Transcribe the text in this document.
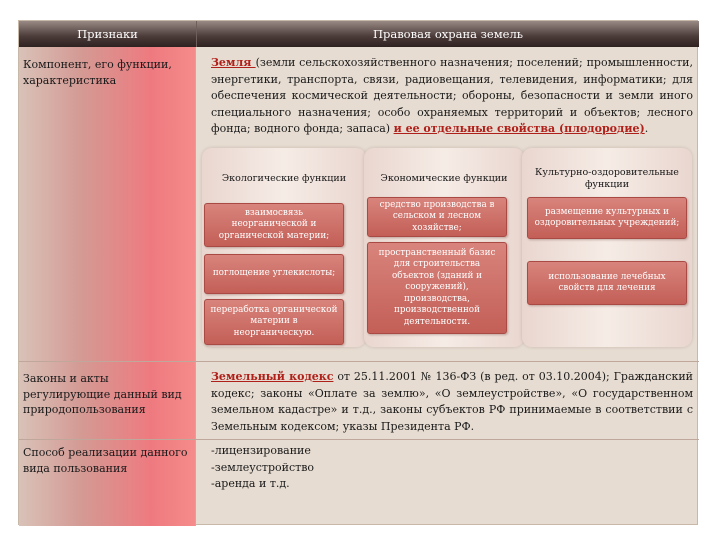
Признаки	Правовая охрана земель
Компонент, его функции, характеристика
Земля (земли сельскохозяйственного назначения; поселений; промышленности, энергетики, транспорта, связи, радиовещания, телевидения, информатики; для обеспечения космической деятельности; обороны, безопасности и земли иного специального назначения; особо охраняемых территорий и объектов; лесного фонда; водного фонда; запаса) и ее отдельные свойства (плодородие).
Экологические функции
взаимосвязь неорганической и органической материи;
поглощение углекислоты;
переработка органической материи в неорганическую.
Экономические функции
средство производства в сельском и лесном хозяйстве;
пространственный базис для строительства объектов (зданий и сооружений), производства, производственной деятельности.
Культурно-оздоровительные функции
размещение культурных и оздоровительных учреждений;
использование лечебных свойств для лечения
Законы и акты регулирующие данный вид природопользования
Земельный кодекс от 25.11.2001 № 136-ФЗ (в ред. от 03.10.2004); Гражданский кодекс; законы «Оплате за землю», «О землеустройстве», «О государственном земельном кадастре» и т.д., законы субъектов РФ принимаемые в соответствии с Земельным кодексом; указы Президента РФ.
Способ реализации данного вида пользования
-лицензирование
-землеустройство
-аренда и т.д.
